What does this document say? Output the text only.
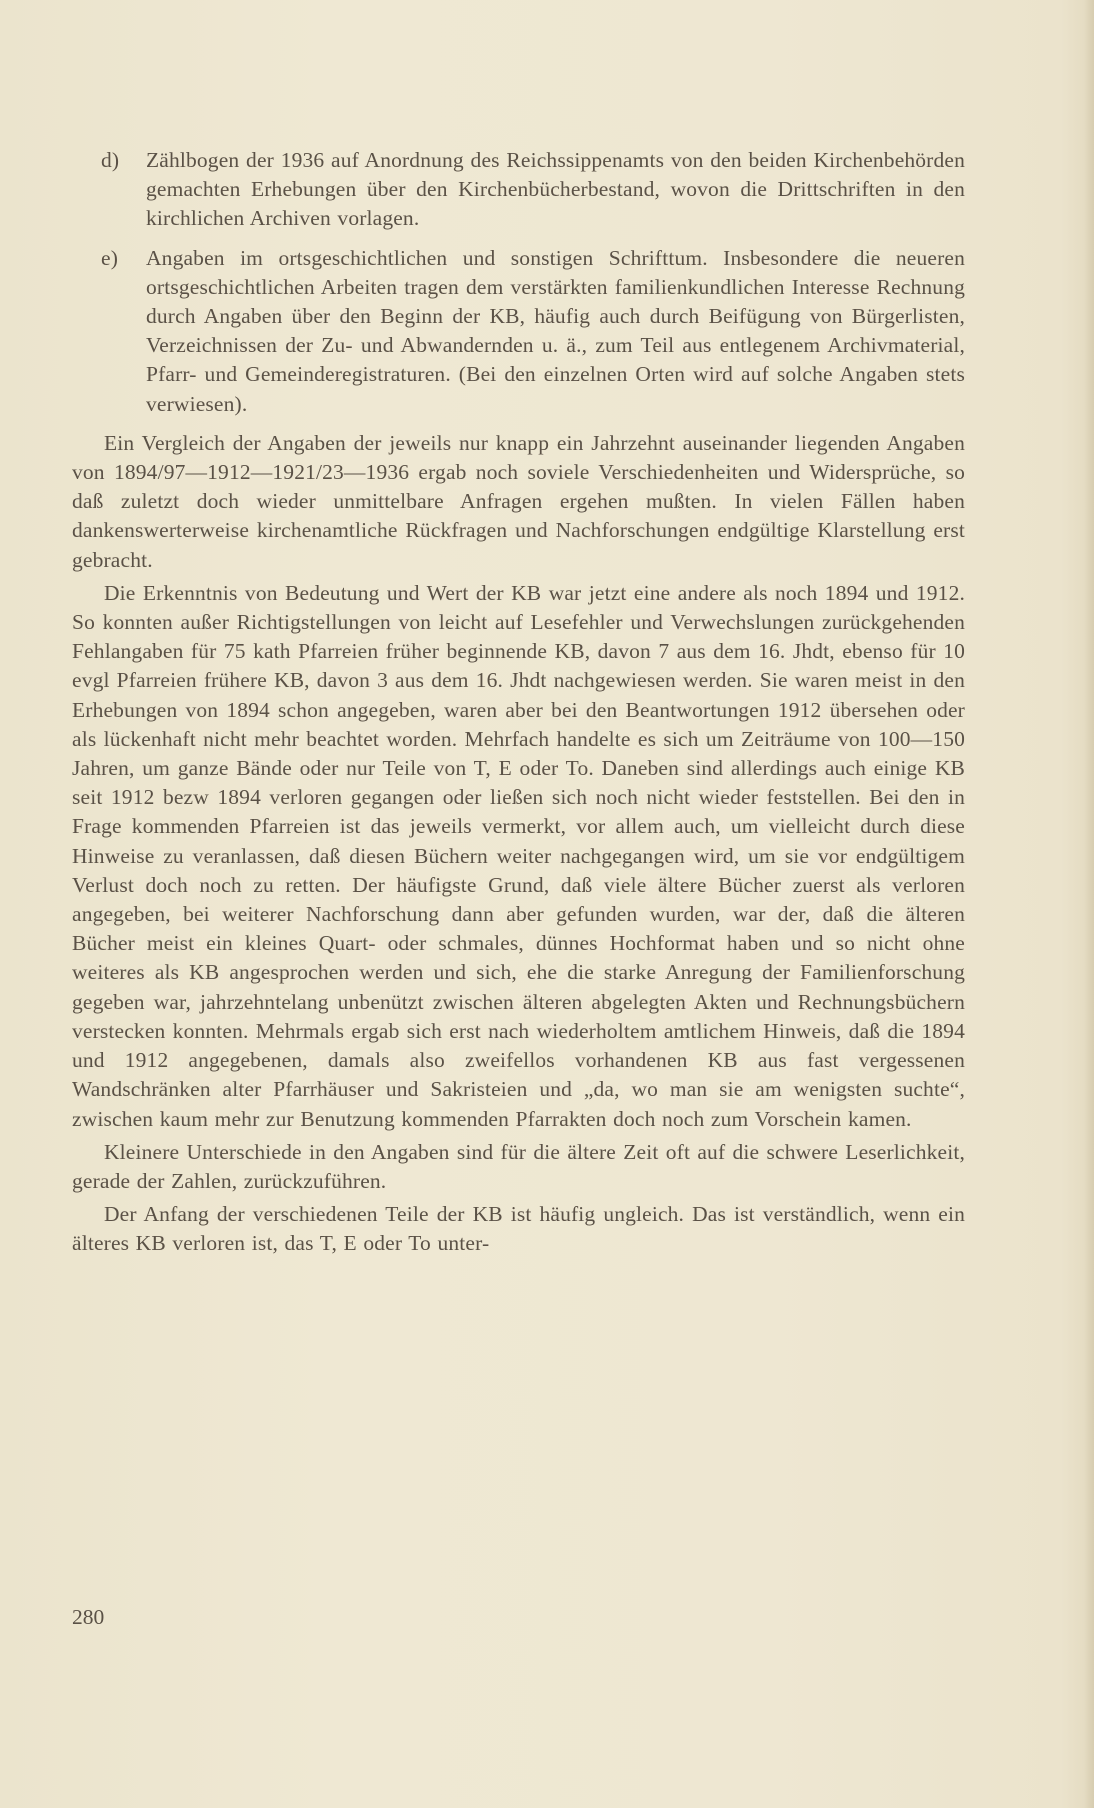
d) Zählbogen der 1936 auf Anordnung des Reichssippenamts von den beiden Kirchenbehörden gemachten Erhebungen über den Kirchenbücherbestand, wovon die Drittschriften in den kirchlichen Archiven vorlagen.
e) Angaben im ortsgeschichtlichen und sonstigen Schrifttum. Insbesondere die neueren ortsgeschichtlichen Arbeiten tragen dem verstärkten familienkundlichen Interesse Rechnung durch Angaben über den Beginn der KB, häufig auch durch Beifügung von Bürgerlisten, Verzeichnissen der Zu- und Abwandernden u. ä., zum Teil aus entlegenem Archivmaterial, Pfarr- und Gemeinderegistraturen. (Bei den einzelnen Orten wird auf solche Angaben stets verwiesen).

Ein Vergleich der Angaben der jeweils nur knapp ein Jahrzehnt auseinander liegenden Angaben von 1894/97—1912—1921/23—1936 ergab noch soviele Verschiedenheiten und Widersprüche, so daß zuletzt doch wieder unmittelbare Anfragen ergehen mußten. In vielen Fällen haben dankenswerterweise kirchenamtliche Rückfragen und Nachforschungen endgültige Klarstellung erst gebracht.

Die Erkenntnis von Bedeutung und Wert der KB war jetzt eine andere als noch 1894 und 1912. So konnten außer Richtigstellungen von leicht auf Lesefehler und Verwechslungen zurückgehenden Fehlangaben für 75 kath Pfarreien früher beginnende KB, davon 7 aus dem 16. Jhdt, ebenso für 10 evgl Pfarreien frühere KB, davon 3 aus dem 16. Jhdt nachgewiesen werden. Sie waren meist in den Erhebungen von 1894 schon angegeben, waren aber bei den Beantwortungen 1912 übersehen oder als lückenhaft nicht mehr beachtet worden. Mehrfach handelte es sich um Zeiträume von 100—150 Jahren, um ganze Bände oder nur Teile von T, E oder To. Daneben sind allerdings auch einige KB seit 1912 bezw 1894 verloren gegangen oder ließen sich noch nicht wieder feststellen. Bei den in Frage kommenden Pfarreien ist das jeweils vermerkt, vor allem auch, um vielleicht durch diese Hinweise zu veranlassen, daß diesen Büchern weiter nachgegangen wird, um sie vor endgültigem Verlust doch noch zu retten. Der häufigste Grund, daß viele ältere Bücher zuerst als verloren angegeben, bei weiterer Nachforschung dann aber gefunden wurden, war der, daß die älteren Bücher meist ein kleines Quart- oder schmales, dünnes Hochformat haben und so nicht ohne weiteres als KB angesprochen werden und sich, ehe die starke Anregung der Familienforschung gegeben war, jahrzehntelang unbenützt zwischen älteren abgelegten Akten und Rechnungsbüchern verstecken konnten. Mehrmals ergab sich erst nach wiederholtem amtlichem Hinweis, daß die 1894 und 1912 angegebenen, damals also zweifellos vorhandenen KB aus fast vergessenen Wandschränken alter Pfarrhäuser und Sakristeien und „da, wo man sie am wenigsten suchte“, zwischen kaum mehr zur Benutzung kommenden Pfarrakten doch noch zum Vorschein kamen.

Kleinere Unterschiede in den Angaben sind für die ältere Zeit oft auf die schwere Leserlichkeit, gerade der Zahlen, zurückzuführen.

Der Anfang der verschiedenen Teile der KB ist häufig ungleich. Das ist verständlich, wenn ein älteres KB verloren ist, das T, E oder To unter-

280
